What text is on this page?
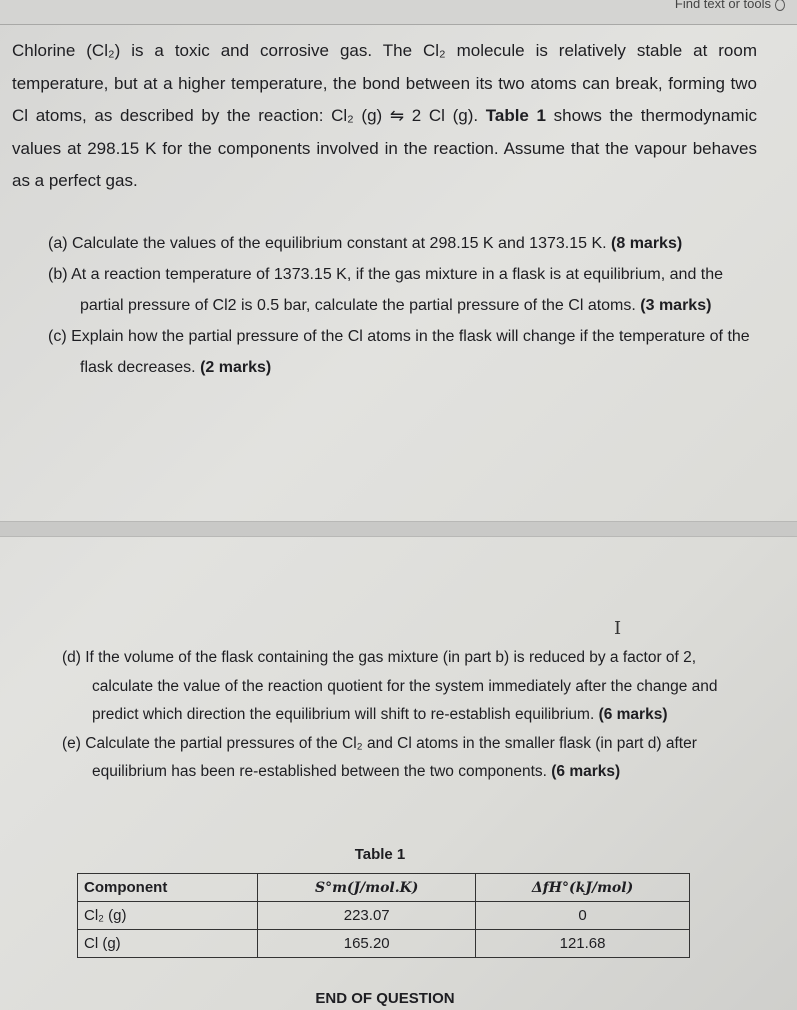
Find text or tools

Chlorine (Cl₂) is a toxic and corrosive gas. The Cl₂ molecule is relatively stable at room temperature, but at a higher temperature, the bond between its two atoms can break, forming two Cl atoms, as described by the reaction: Cl₂ (g) ⇋ 2 Cl (g). Table 1 shows the thermodynamic values at 298.15 K for the components involved in the reaction. Assume that the vapour behaves as a perfect gas.

(a) Calculate the values of the equilibrium constant at 298.15 K and 1373.15 K. (8 marks)

(b) At a reaction temperature of 1373.15 K, if the gas mixture in a flask is at equilibrium, and the partial pressure of Cl2 is 0.5 bar, calculate the partial pressure of the Cl atoms. (3 marks)

(c) Explain how the partial pressure of the Cl atoms in the flask will change if the temperature of the flask decreases. (2 marks)

I

(d) If the volume of the flask containing the gas mixture (in part b) is reduced by a factor of 2, calculate the value of the reaction quotient for the system immediately after the change and predict which direction the equilibrium will shift to re-establish equilibrium. (6 marks)

(e) Calculate the partial pressures of the Cl₂ and Cl atoms in the smaller flask (in part d) after equilibrium has been re-established between the two components. (6 marks)

Table 1
Component	S°m(J/mol.K)	ΔfH°(kJ/mol)
Cl₂ (g)	223.07	0
Cl (g)	165.20	121.68
END OF QUESTION
